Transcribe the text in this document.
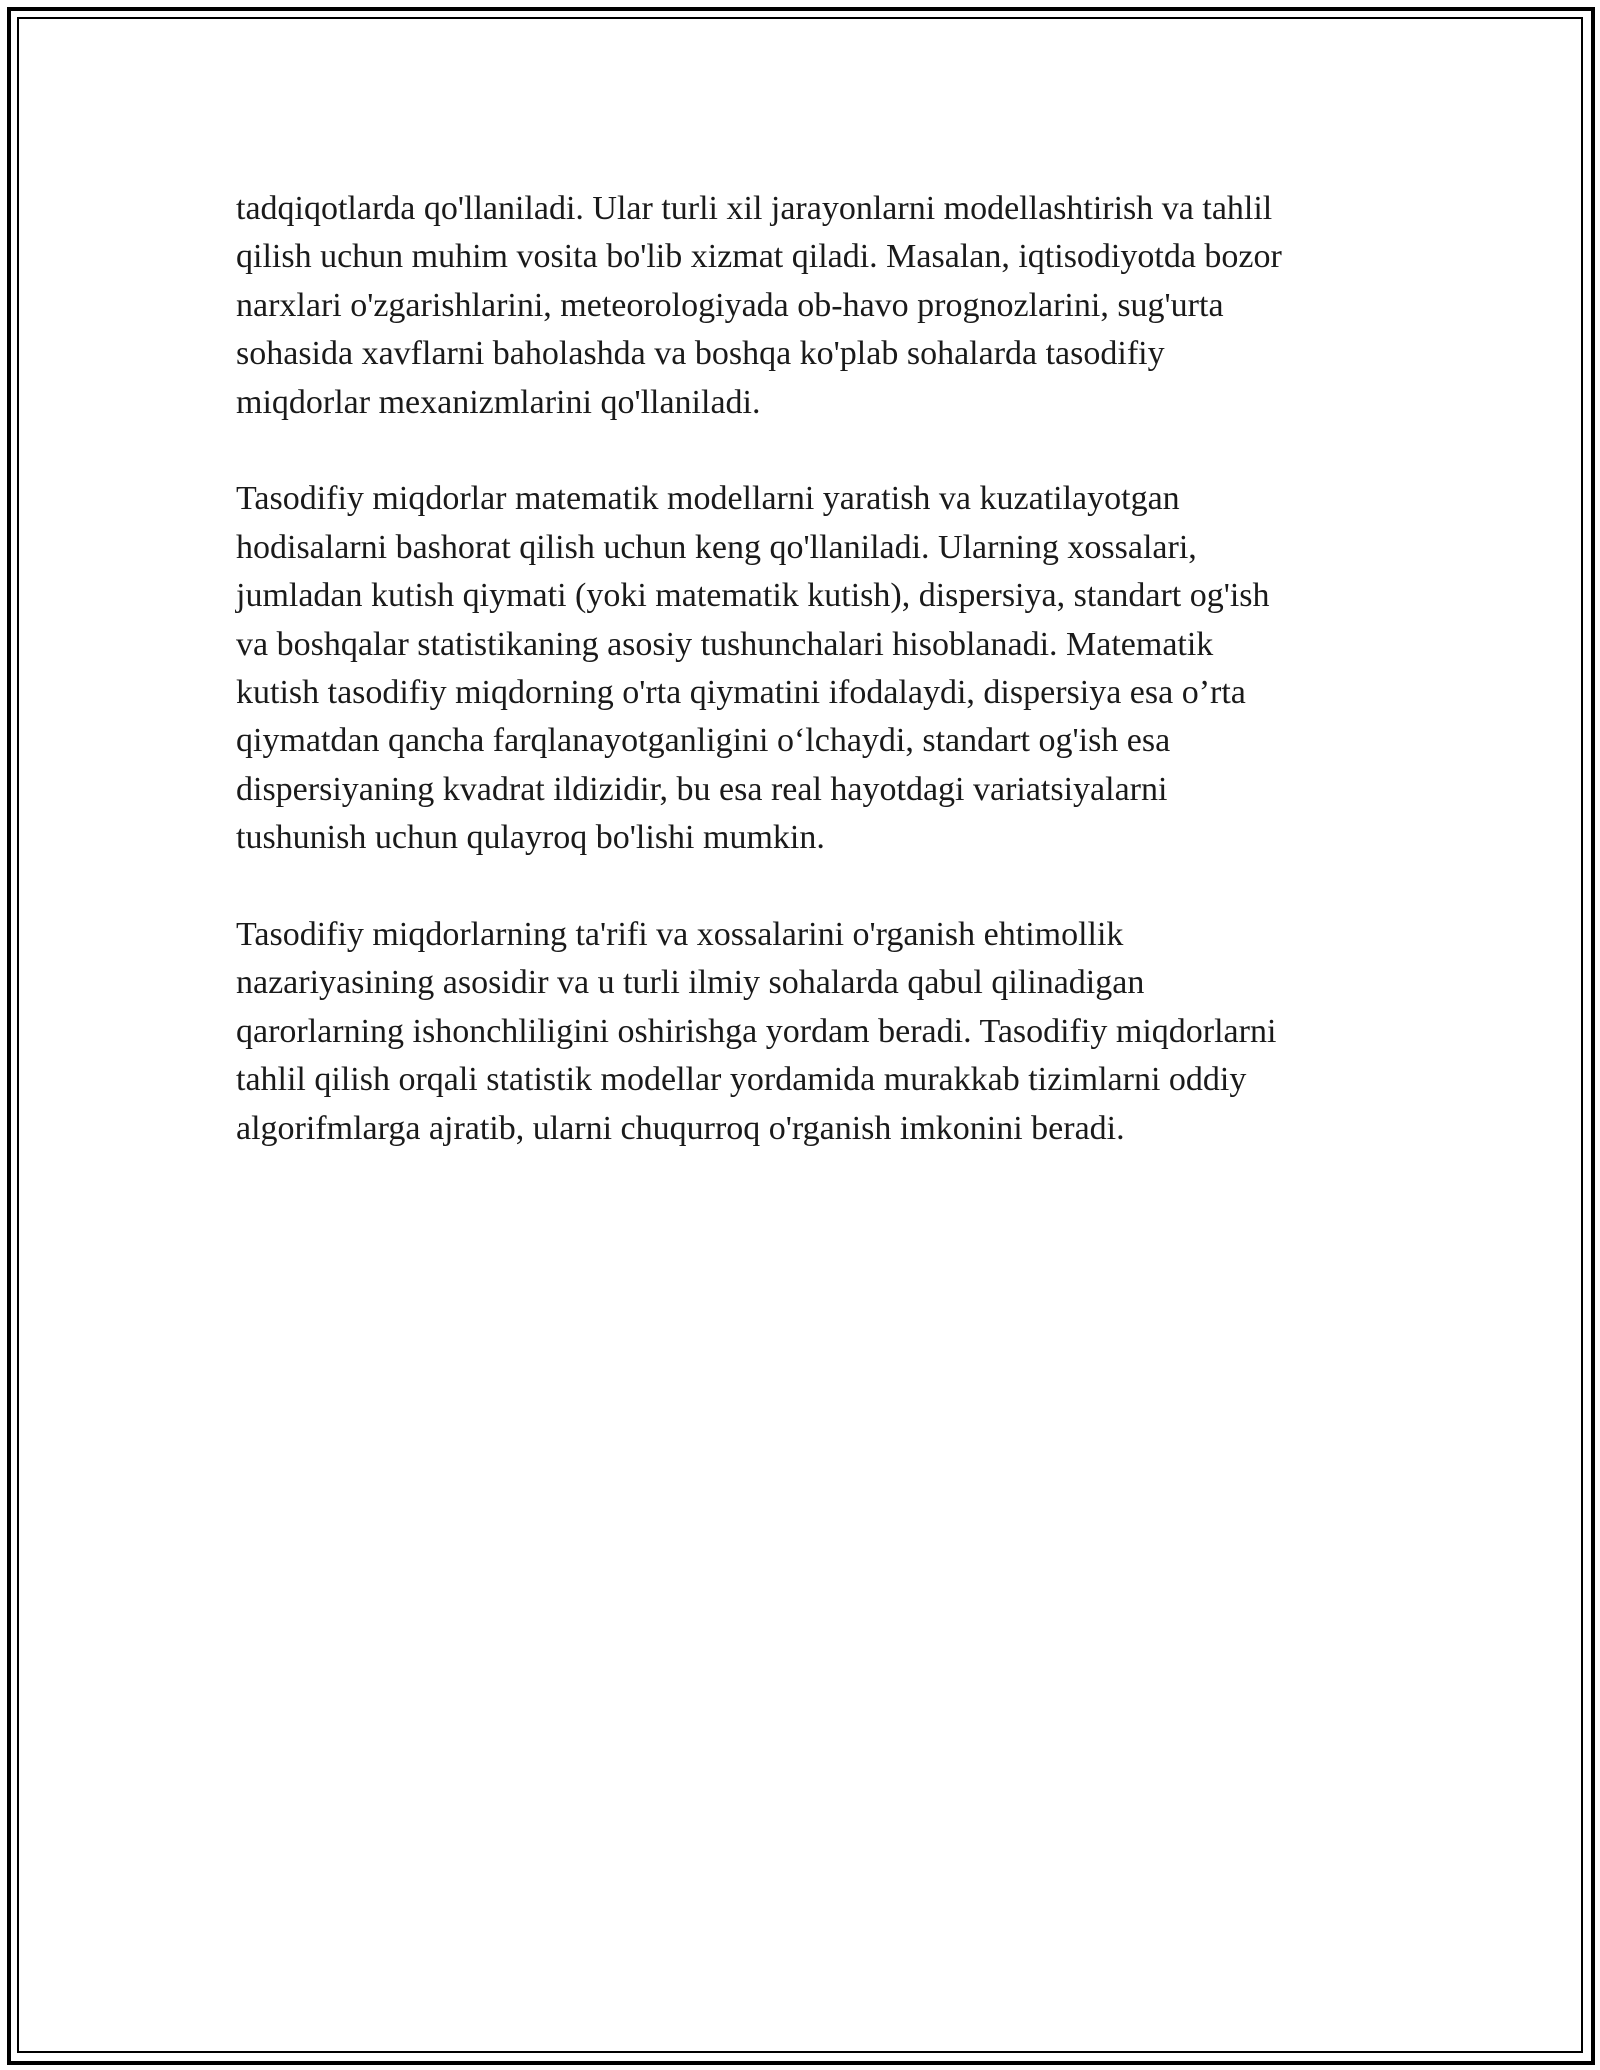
tadqiqotlarda qo'llaniladi. Ular turli xil jarayonlarni modellashtirish va tahlil
qilish uchun muhim vosita bo'lib xizmat qiladi. Masalan, iqtisodiyotda bozor
narxlari o'zgarishlarini, meteorologiyada ob-havo prognozlarini, sug'urta
sohasida xavflarni baholashda va boshqa ko'plab sohalarda tasodifiy
miqdorlar mexanizmlarini qo'llaniladi.

Tasodifiy miqdorlar matematik modellarni yaratish va kuzatilayotgan
hodisalarni bashorat qilish uchun keng qo'llaniladi. Ularning xossalari,
jumladan kutish qiymati (yoki matematik kutish), dispersiya, standart og'ish
va boshqalar statistikaning asosiy tushunchalari hisoblanadi. Matematik
kutish tasodifiy miqdorning o'rta qiymatini ifodalaydi, dispersiya esa o’rta
qiymatdan qancha farqlanayotganligini o‘lchaydi, standart og'ish esa
dispersiyaning kvadrat ildizidir, bu esa real hayotdagi variatsiyalarni
tushunish uchun qulayroq bo'lishi mumkin.

Tasodifiy miqdorlarning ta'rifi va xossalarini o'rganish ehtimollik
nazariyasining asosidir va u turli ilmiy sohalarda qabul qilinadigan
qarorlarning ishonchliligini oshirishga yordam beradi. Tasodifiy miqdorlarni
tahlil qilish orqali statistik modellar yordamida murakkab tizimlarni oddiy
algorifmlarga ajratib, ularni chuqurroq o'rganish imkonini beradi.
